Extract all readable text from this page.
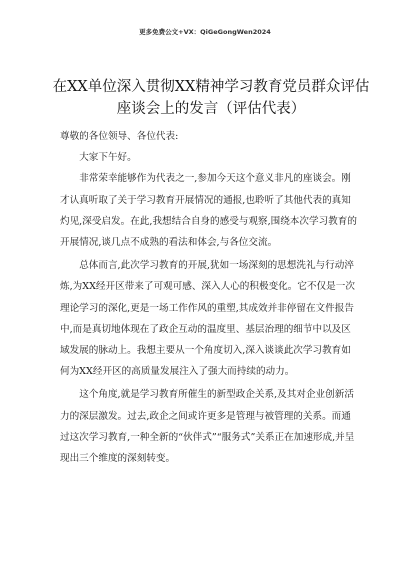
更多免费公文+VX：QiGeGongWen2024
在XX单位深入贯彻XX精神学习教育党员群众评估座谈会上的发言（评估代表）

尊敬的各位领导、各位代表:

大家下午好。

非常荣幸能够作为代表之一,参加今天这个意义非凡的座谈会。刚才认真听取了关于学习教育开展情况的通报,也聆听了其他代表的真知灼见,深受启发。在此,我想结合自身的感受与观察,围绕本次学习教育的开展情况,谈几点不成熟的看法和体会,与各位交流。

总体而言,此次学习教育的开展,犹如一场深刻的思想洗礼与行动淬炼,为XX经开区带来了可观可感、深入人心的积极变化。它不仅是一次理论学习的深化,更是一场工作作风的重塑,其成效并非停留在文件报告中,而是真切地体现在了政企互动的温度里、基层治理的细节中以及区域发展的脉动上。我想主要从一个角度切入,深入谈谈此次学习教育如何为XX经开区的高质量发展注入了强大而持续的动力。

这个角度,就是学习教育所催生的新型政企关系,及其对企业创新活力的深层激发。过去,政企之间或许更多是管理与被管理的关系。而通过这次学习教育,一种全新的“伙伴式”“服务式”关系正在加速形成,并呈现出三个维度的深刻转变。
